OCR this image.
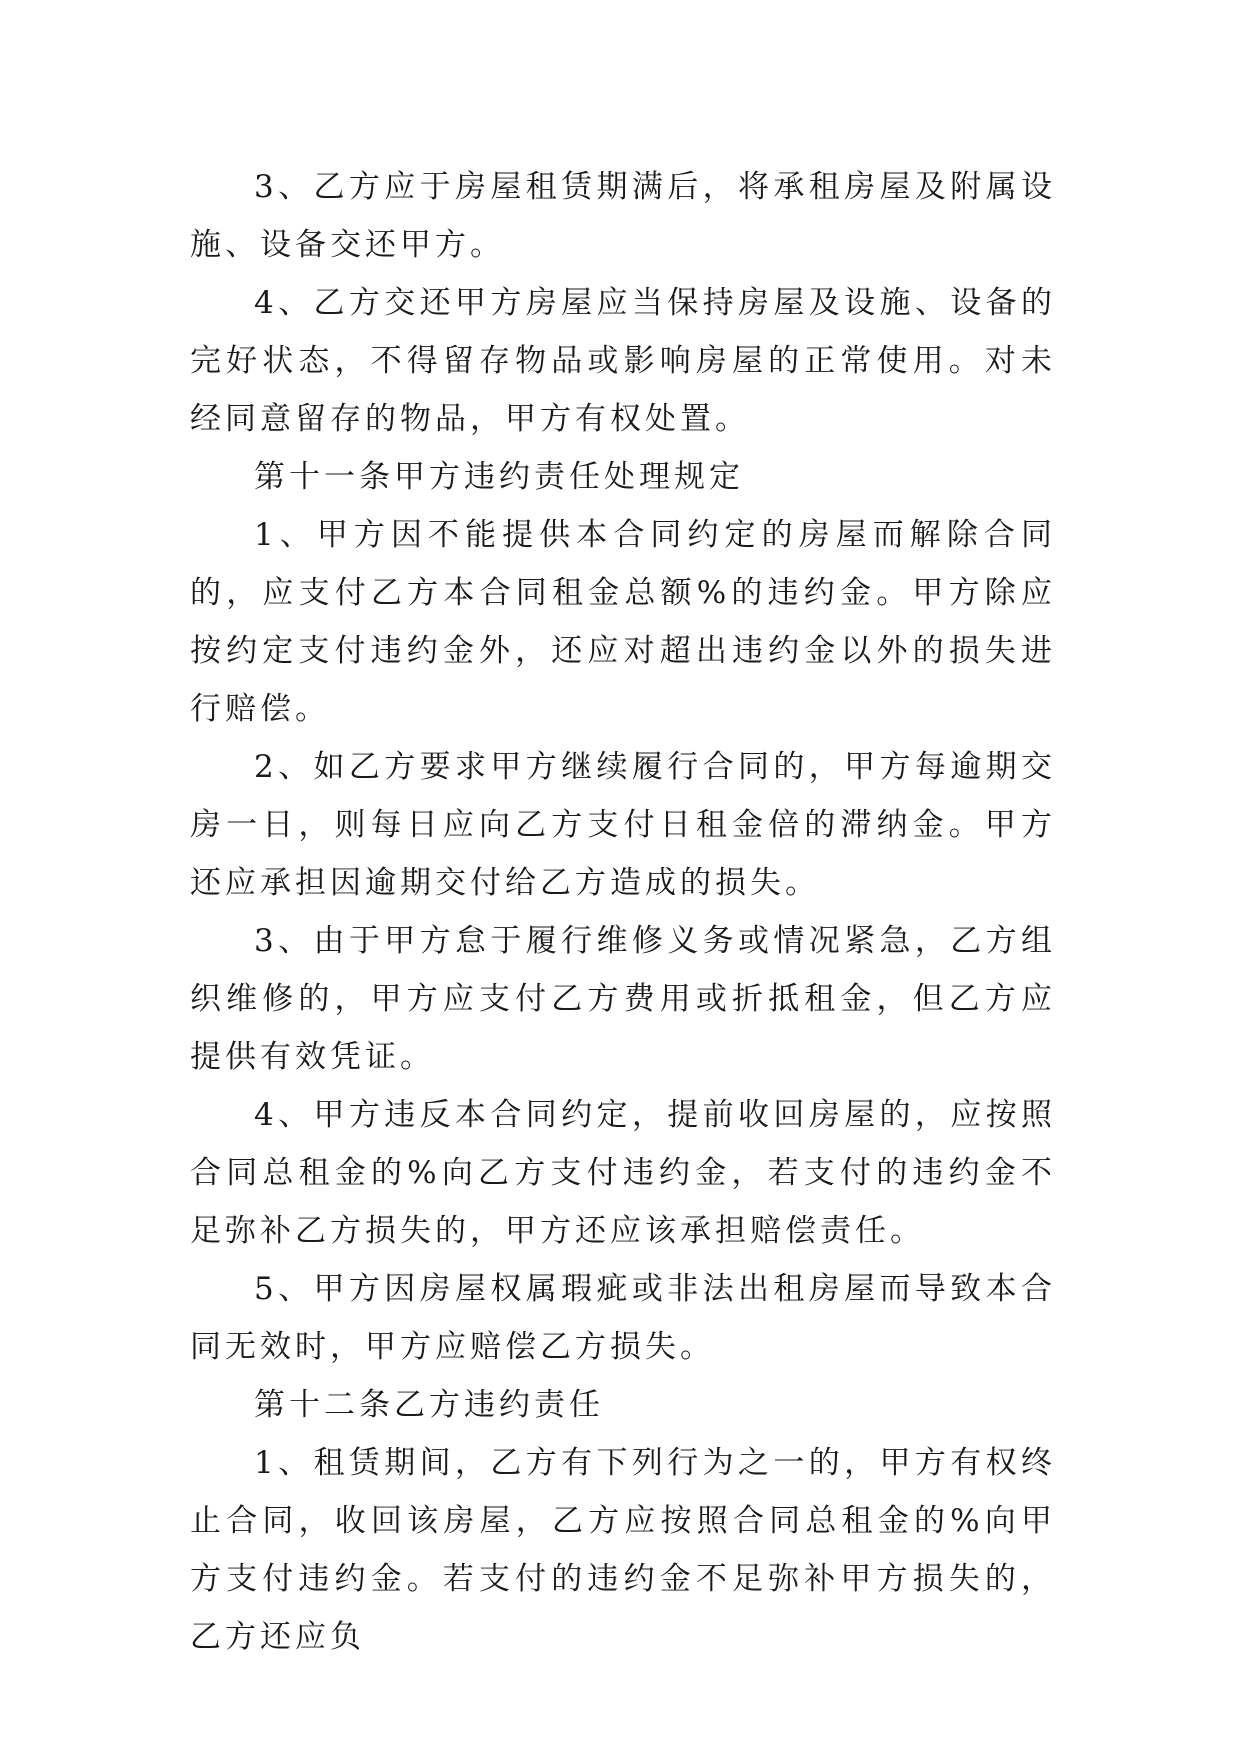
3、乙方应于房屋租赁期满后，将承租房屋及附属设施、设备交还甲方。

4、乙方交还甲方房屋应当保持房屋及设施、设备的完好状态，不得留存物品或影响房屋的正常使用。对未经同意留存的物品，甲方有权处置。

第十一条甲方违约责任处理规定

1、甲方因不能提供本合同约定的房屋而解除合同的，应支付乙方本合同租金总额%的违约金。甲方除应按约定支付违约金外，还应对超出违约金以外的损失进行赔偿。

2、如乙方要求甲方继续履行合同的，甲方每逾期交房一日，则每日应向乙方支付日租金倍的滞纳金。甲方还应承担因逾期交付给乙方造成的损失。

3、由于甲方怠于履行维修义务或情况紧急，乙方组织维修的，甲方应支付乙方费用或折抵租金，但乙方应提供有效凭证。

4、甲方违反本合同约定，提前收回房屋的，应按照合同总租金的%向乙方支付违约金，若支付的违约金不足弥补乙方损失的，甲方还应该承担赔偿责任。

5、甲方因房屋权属瑕疵或非法出租房屋而导致本合同无效时，甲方应赔偿乙方损失。

第十二条乙方违约责任

1、租赁期间，乙方有下列行为之一的，甲方有权终止合同，收回该房屋，乙方应按照合同总租金的%向甲方支付违约金。若支付的违约金不足弥补甲方损失的，乙方还应负
